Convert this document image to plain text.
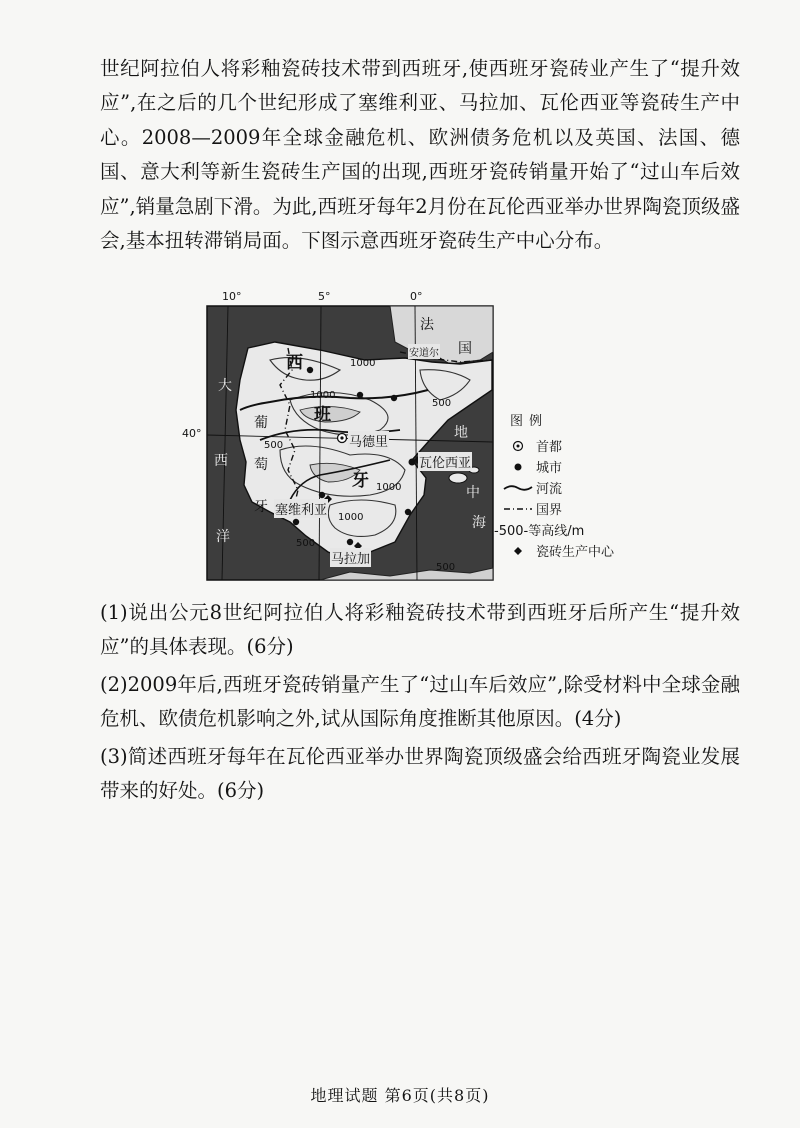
世纪阿拉伯人将彩釉瓷砖技术带到西班牙,使西班牙瓷砖业产生了“提升效应”,在之后的几个世纪形成了塞维利亚、马拉加、瓦伦西亚等瓷砖生产中心。2008—2009年全球金融危机、欧洲债务危机以及英国、法国、德国、意大利等新生瓷砖生产国的出现,西班牙瓷砖销量开始了“过山车后效应”,销量急剧下滑。为此,西班牙每年2月份在瓦伦西亚举办世界陶瓷顶级盛会,基本扭转滞销局面。下图示意西班牙瓷砖生产中心分布。
10°	5°	0°
40°
法
国
安道尔
西
班
牙
大
葡
萄
西
牙
洋
地
中
海
马德里
瓦伦西亚
塞维利亚
马拉加
1000
500
500
1000
1000
500
500
1000
图例
首都
城市
河流
国界
-500-等高线/m
瓷砖生产中心
(1)说出公元8世纪阿拉伯人将彩釉瓷砖技术带到西班牙后所产生“提升效应”的具体表现。(6分)
(2)2009年后,西班牙瓷砖销量产生了“过山车后效应”,除受材料中全球金融危机、欧债危机影响之外,试从国际角度推断其他原因。(4分)
(3)简述西班牙每年在瓦伦西亚举办世界陶瓷顶级盛会给西班牙陶瓷业发展带来的好处。(6分)
地理试题 第6页(共8页)
